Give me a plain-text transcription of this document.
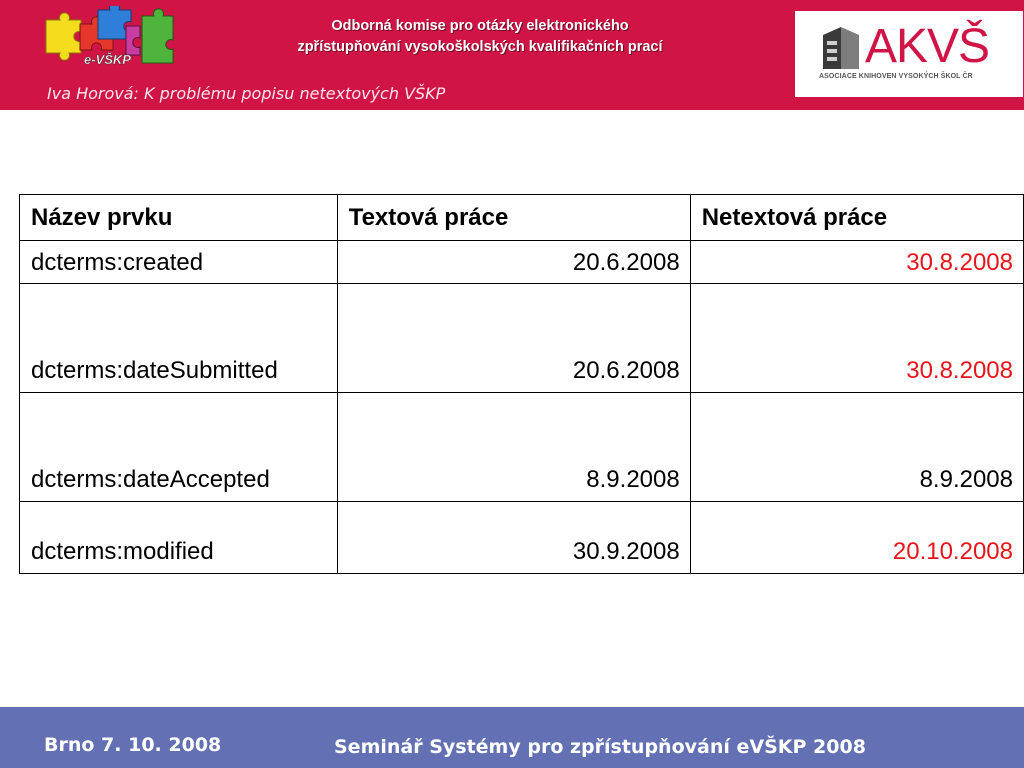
e-VŠKP
Odborná komise pro otázky elektronického
zpřístupňování vysokoškolských kvalifikačních prací
Iva Horová: K problému popisu netextových VŠKP
AKVŠ
ASOCIACE KNIHOVEN VYSOKÝCH ŠKOL ČR
Název prvku	Textová práce	Netextová práce
dcterms:created	20.6.2008	30.8.2008
dcterms:dateSubmitted	20.6.2008	30.8.2008
dcterms:dateAccepted	8.9.2008	8.9.2008
dcterms:modified	30.9.2008	20.10.2008
Brno 7. 10. 2008	Seminář Systémy pro zpřístupňování eVŠKP 2008
